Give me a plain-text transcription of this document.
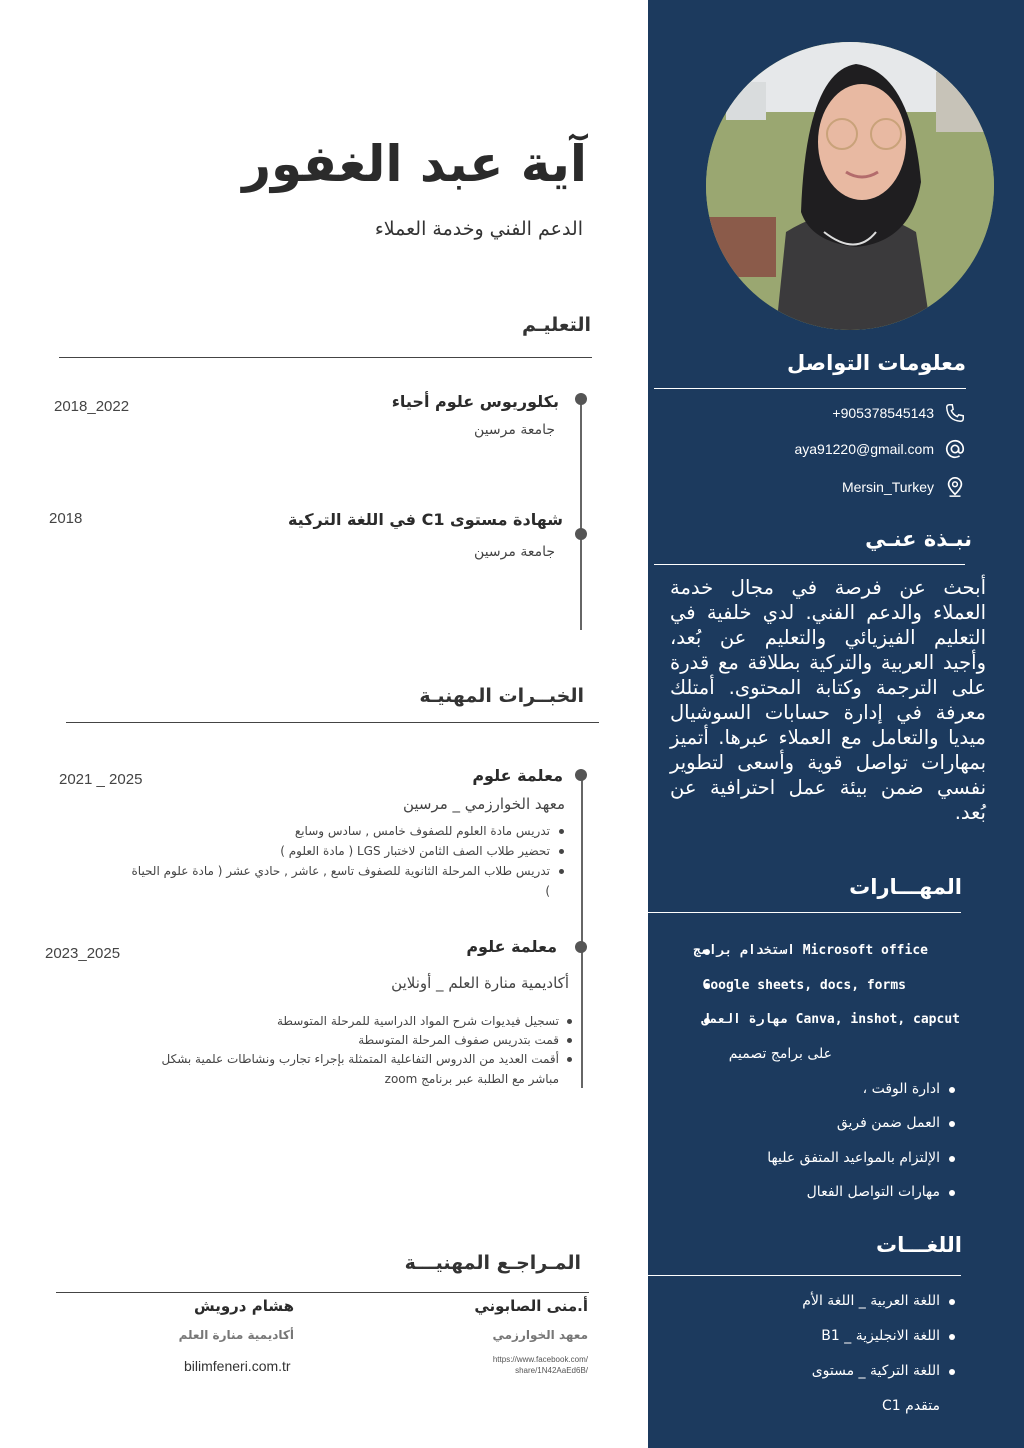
آية عبد الغفور
الدعم الفني وخدمة العملاء
التعليـم
بكلوريوس علوم أحياء
جامعة مرسين
2018_2022
شهادة مستوى C1 في اللغة التركية
جامعة مرسين
2018
الخبــرات المهنيـة
معلمة علوم
معهد الخوارزمي _ مرسين
2021 _ 2025
تدريس مادة العلوم للصفوف خامس , سادس وسابع
تحضير طلاب الصف الثامن لاختبار LGS ( مادة العلوم )
تدريس طلاب المرحلة الثانوية للصفوف تاسع , عاشر , حادي عشر ( مادة علوم الحياة
)
معلمة علوم
أكاديمية منارة العلم _ أونلاين
2023_2025
تسجيل فيديوات شرح المواد الدراسية للمرحلة المتوسطة
قمت بتدريس صفوف المرحلة المتوسطة
أقمت العديد من الدروس التفاعلية المتمثلة بإجراء تجارب ونشاطات علمية بشكل
مباشر مع الطلبة عبر برنامج zoom
المـراجـع المهنيـــة
أ.منى الصابوني
معهد الخوارزمي
https://www.facebook.com/ share/1N42AaEd6B/
هشام درويش
أكاديمية منارة العلم
bilimfeneri.com.tr
معلومات التواصل
+905378545143
aya91220@gmail.com
Mersin_Turkey
نبـذة عنـي
أبحث عن فرصة في مجال خدمة العملاء والدعم الفني. لدي خلفية في التعليم الفيزيائي والتعليم عن بُعد، وأجيد العربية والتركية بطلاقة مع قدرة على الترجمة وكتابة المحتوى. أمتلك معرفة في إدارة حسابات السوشيال ميديا والتعامل مع العملاء عبرها. أتميز بمهارات تواصل قوية وأسعى لتطوير نفسي ضمن بيئة عمل احترافية عن بُعد.
المهـــارات
Microsoft office استخدام برامج
Google sheets, docs, forms
Canva, inshot, capcut مهارة العمل
على برامج تصميم
ادارة الوقت ،
العمل ضمن فريق
الإلتزام بالمواعيد المتفق عليها
مهارات التواصل الفعال
اللغـــات
اللغة العربية _ اللغة الأم
اللغة الانجليزية _ B1
اللغة التركية _ مستوى
متقدم C1
